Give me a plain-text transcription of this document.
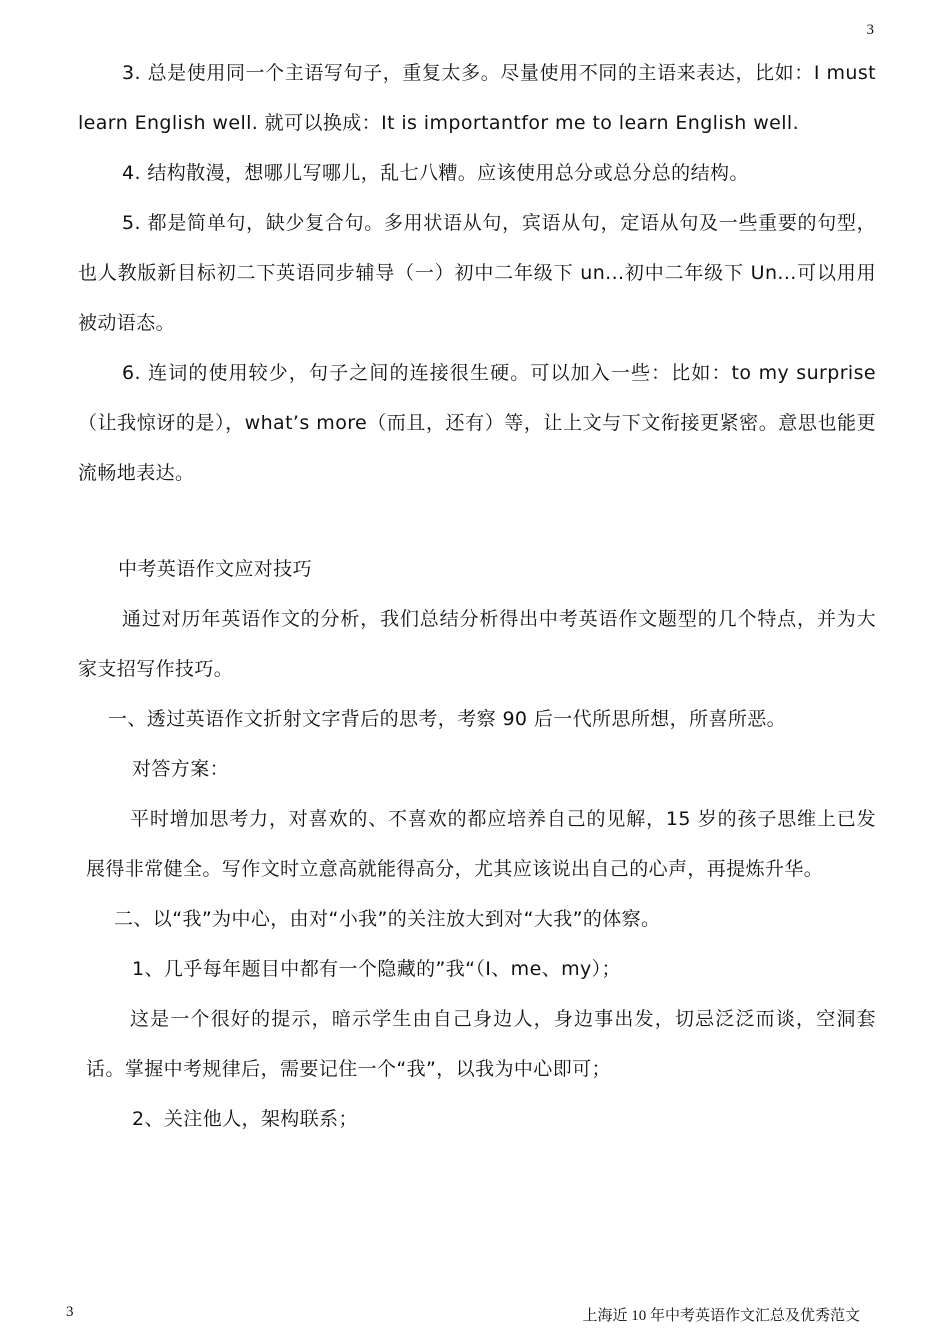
3

3. 总是使用同一个主语写句子，重复太多。尽量使用不同的主语来表达，比如：I must learn English well. 就可以换成：It is importantfor me to learn English well.

4. 结构散漫，想哪儿写哪儿，乱七八糟。应该使用总分或总分总的结构。

5. 都是简单句，缺少复合句。多用状语从句，宾语从句，定语从句及一些重要的句型，也人教版新目标初二下英语同步辅导（一）初中二年级下 un...初中二年级下 Un...可以用用被动语态。

6. 连词的使用较少，句子之间的连接很生硬。可以加入一些：比如：to my surprise（让我惊讶的是），what’s more（而且，还有）等，让上文与下文衔接更紧密。意思也能更流畅地表达。

中考英语作文应对技巧

通过对历年英语作文的分析，我们总结分析得出中考英语作文题型的几个特点，并为大家支招写作技巧。

一、透过英语作文折射文字背后的思考，考察 90 后一代所思所想，所喜所恶。

对答方案：

平时增加思考力，对喜欢的、不喜欢的都应培养自己的见解，15 岁的孩子思维上已发展得非常健全。写作文时立意高就能得高分，尤其应该说出自己的心声，再提炼升华。

二、以“我”为中心，由对“小我”的关注放大到对“大我”的体察。

1、几乎每年题目中都有一个隐藏的”我“（I、me、my）；

这是一个很好的提示，暗示学生由自己身边人，身边事出发，切忌泛泛而谈，空洞套话。掌握中考规律后，需要记住一个“我”，以我为中心即可；

2、关注他人，架构联系；

3	上海近 10 年中考英语作文汇总及优秀范文
